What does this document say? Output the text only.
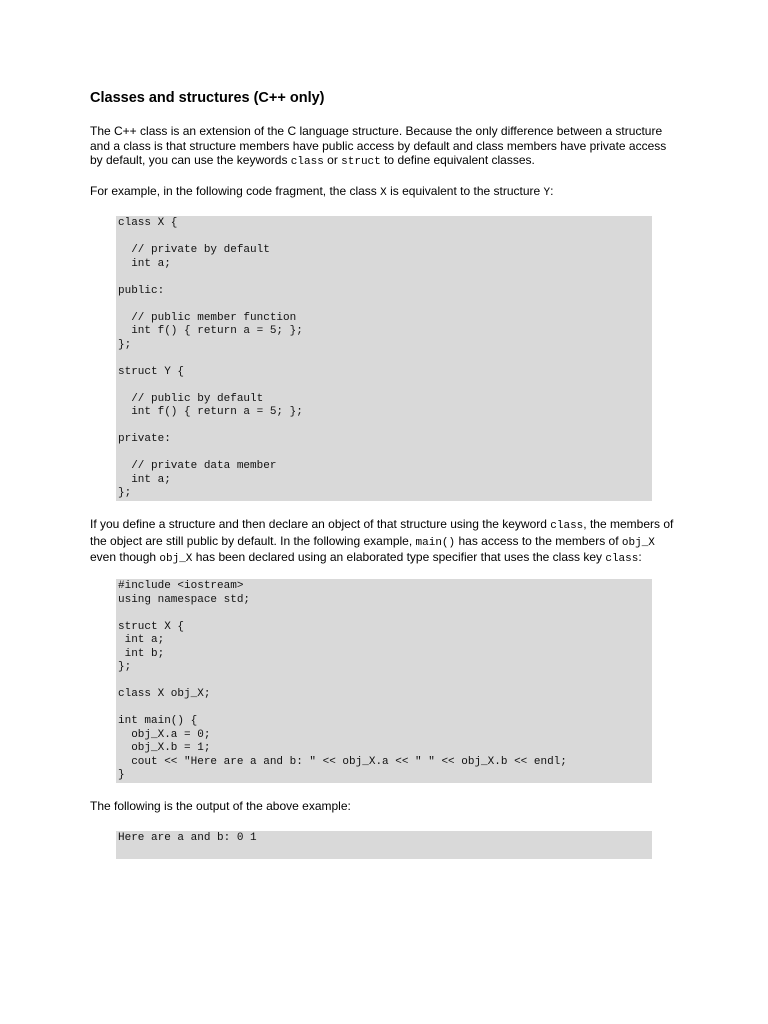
Classes and structures (C++ only)

The C++ class is an extension of the C language structure. Because the only difference between a structure and a class is that structure members have public access by default and class members have private access by default, you can use the keywords class or struct to define equivalent classes.

For example, in the following code fragment, the class X is equivalent to the structure Y:

class X {

// private by default
int a;

public:

// public member function
int f() { return a = 5; };
};

struct Y {

// public by default
int f() { return a = 5; };

private:

// private data member
int a;
};

If you define a structure and then declare an object of that structure using the keyword class, the members of the object are still public by default. In the following example, main() has access to the members of obj_X even though obj_X has been declared using an elaborated type specifier that uses the class key class:

#include <iostream>
using namespace std;

struct X {
int a;
int b;
};

class X obj_X;

int main() {
obj_X.a = 0;
obj_X.b = 1;
cout << "Here are a and b: " << obj_X.a << " " << obj_X.b << endl;
}

The following is the output of the above example:

Here are a and b: 0 1
